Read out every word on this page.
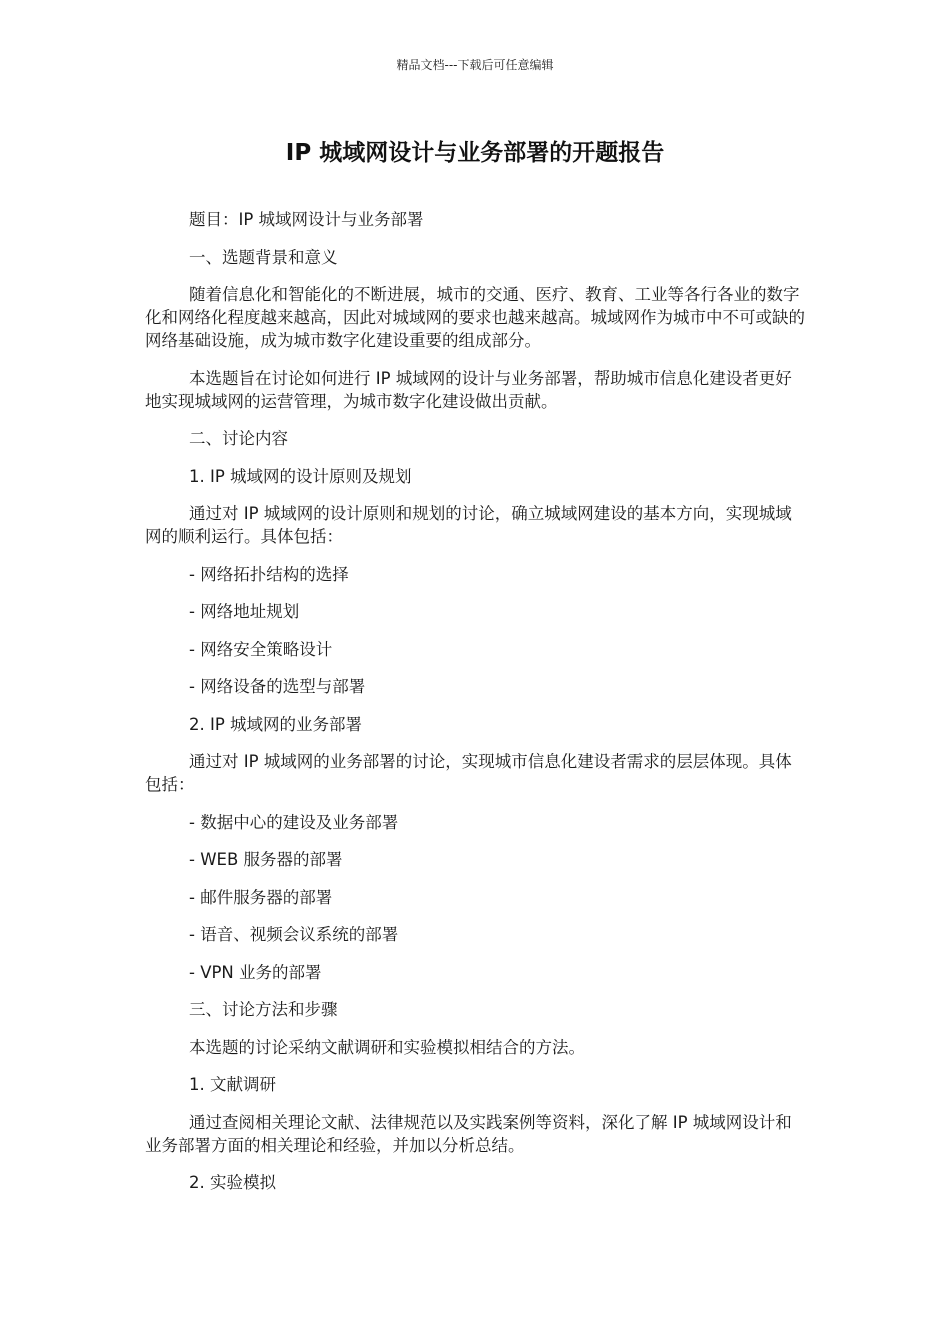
精品文档---下载后可任意编辑
IP 城域网设计与业务部署的开题报告

题目：IP 城域网设计与业务部署

一、选题背景和意义

随着信息化和智能化的不断进展，城市的交通、医疗、教育、工业等各行各业的数字化和网络化程度越来越高，因此对城域网的要求也越来越高。城域网作为城市中不可或缺的网络基础设施，成为城市数字化建设重要的组成部分。

本选题旨在讨论如何进行 IP 城域网的设计与业务部署，帮助城市信息化建设者更好地实现城域网的运营管理，为城市数字化建设做出贡献。

二、讨论内容

1. IP 城域网的设计原则及规划

通过对 IP 城域网的设计原则和规划的讨论，确立城域网建设的基本方向，实现城域网的顺利运行。具体包括：

- 网络拓扑结构的选择

- 网络地址规划

- 网络安全策略设计

- 网络设备的选型与部署

2. IP 城域网的业务部署

通过对 IP 城域网的业务部署的讨论，实现城市信息化建设者需求的层层体现。具体包括：

- 数据中心的建设及业务部署

- WEB 服务器的部署

- 邮件服务器的部署

- 语音、视频会议系统的部署

- VPN 业务的部署

三、讨论方法和步骤

本选题的讨论采纳文献调研和实验模拟相结合的方法。

1. 文献调研

通过查阅相关理论文献、法律规范以及实践案例等资料，深化了解 IP 城域网设计和业务部署方面的相关理论和经验，并加以分析总结。

2. 实验模拟
